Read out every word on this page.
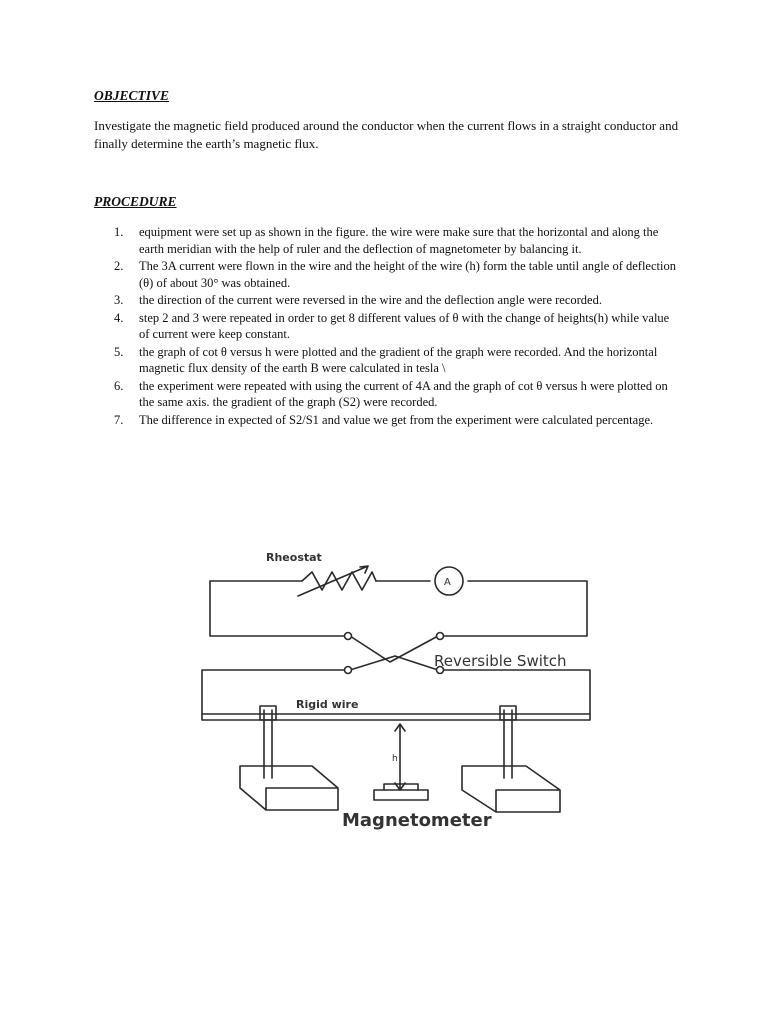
OBJECTIVE

Investigate the magnetic field produced around the conductor when the current flows in a straight conductor and finally determine the earth’s magnetic flux.

PROCEDURE
1. equipment were set up as shown in the figure. the wire were make sure that the horizontal and along the earth meridian with the help of ruler and the deflection of magnetometer by balancing it.
2. The 3A current were flown in the wire and the height of the wire (h) form the table until angle of deflection (θ) of about 30° was obtained.
3. the direction of the current were reversed in the wire and the deflection angle were recorded.
4. step 2 and 3 were repeated in order to get 8 different values of θ with the change of heights(h) while value of current were keep constant.
5. the graph of cot θ versus h were plotted and the gradient of the graph were recorded. And the horizontal magnetic flux density of the earth B were calculated in tesla \
6. the experiment were repeated with using the current of 4A and the graph of cot θ versus h were plotted on the same axis. the gradient of the graph (S2) were recorded.
7. The difference in expected of S2/S1 and value we get from the experiment were calculated percentage.
A
Rheostat
Reversible Switch
Rigid wire
h
Magnetometer
